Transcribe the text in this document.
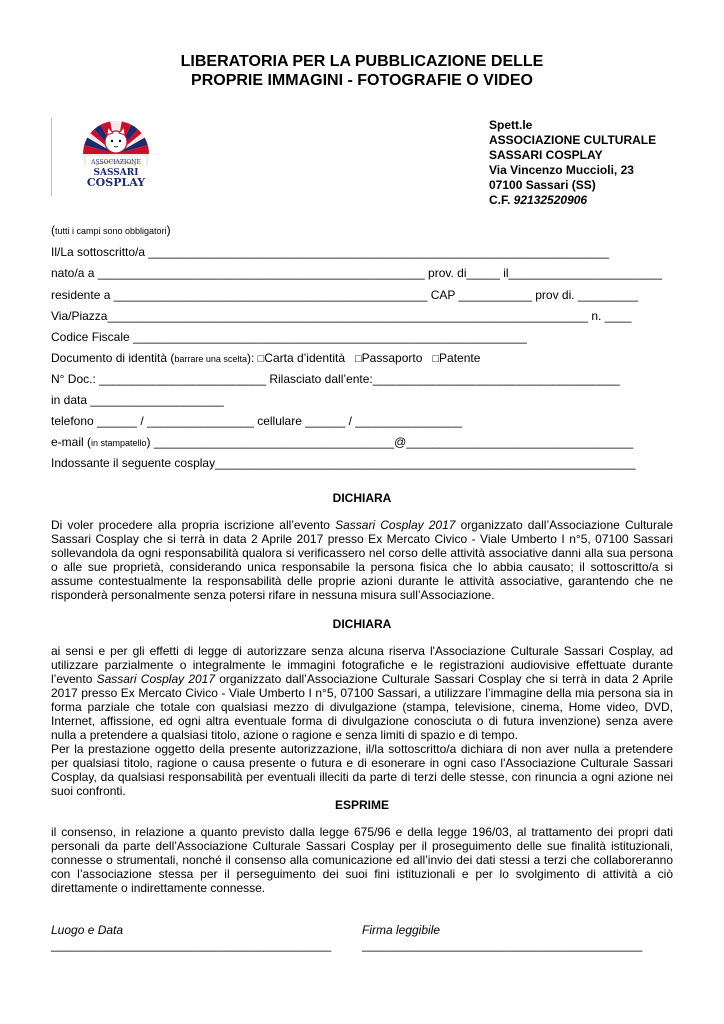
LIBERATORIA PER LA PUBBLICAZIONE DELLE
PROPRIE IMMAGINI - FOTOGRAFIE O VIDEO
ASSOCIAZIONE
SASSARI
COSPLAY
Spett.le
ASSOCIAZIONE CULTURALE
SASSARI COSPLAY
Via Vincenzo Muccioli, 23
07100 Sassari (SS)
C.F. 92132520906
(tutti i campi sono obbligatori)
Il/La sottoscritto/a _____________________________________________________________________
nato/a a _________________________________________________ prov. di_____ il_______________________
residente a _______________________________________________ CAP ___________ prov di. _________
Via/Piazza________________________________________________________________________ n. ____
Codice Fiscale ___________________________________________________________
Documento di identità (barrare una scelta): □Carta d’identità □Passaporto □Patente
N° Doc.: _________________________ Rilasciato dall’ente:_____________________________________
in data ____________________
telefono ______ / ________________ cellulare ______ / ________________
e-mail (in stampatello) ____________________________________@__________________________________
Indossante il seguente cosplay_______________________________________________________________
DICHIARA
Di voler procedere alla propria iscrizione all’evento Sassari Cosplay 2017 organizzato dall’Associazione Culturale Sassari Cosplay che si terrà in data 2 Aprile 2017 presso Ex Mercato Civico - Viale Umberto I n°5, 07100 Sassari sollevandola da ogni responsabilità qualora si verificassero nel corso delle attività associative danni alla sua persona o alle sue proprietà, considerando unica responsabile la persona fisica che lo abbia causato; il sottoscritto/a si assume contestualmente la responsabilità delle proprie azioni durante le attività associative, garantendo che ne risponderà personalmente senza potersi rifare in nessuna misura sull’Associazione.
DICHIARA
ai sensi e per gli effetti di legge di autorizzare senza alcuna riserva l'Associazione Culturale Sassari Cosplay, ad utilizzare parzialmente o integralmente le immagini fotografiche e le registrazioni audiovisive effettuate durante l’evento Sassari Cosplay 2017 organizzato dall’Associazione Culturale Sassari Cosplay che si terrà in data 2 Aprile 2017 presso Ex Mercato Civico - Viale Umberto I n°5, 07100 Sassari, a utilizzare l’immagine della mia persona sia in forma parziale che totale con qualsiasi mezzo di divulgazione (stampa, televisione, cinema, Home video, DVD, Internet, affissione, ed ogni altra eventuale forma di divulgazione conosciuta o di futura invenzione) senza avere nulla a pretendere a qualsiasi titolo, azione o ragione e senza limiti di spazio e di tempo.
Per la prestazione oggetto della presente autorizzazione, il/la sottoscritto/a dichiara di non aver nulla a pretendere per qualsiasi titolo, ragione o causa presente o futura e di esonerare in ogni caso l'Associazione Culturale Sassari Cosplay, da qualsiasi responsabilità per eventuali illeciti da parte di terzi delle stesse, con rinuncia a ogni azione nei suoi confronti.
ESPRIME
il consenso, in relazione a quanto previsto dalla legge 675/96 e della legge 196/03, al trattamento dei propri dati personali da parte dell’Associazione Culturale Sassari Cosplay per il proseguimento delle sue finalità istituzionali, connesse o strumentali, nonché il consenso alla comunicazione ed all’invio dei dati stessi a terzi che collaboreranno con l’associazione stessa per il perseguimento dei suoi fini istituzionali e per lo svolgimento di attività a ciò direttamente o indirettamente connesse.
Luogo e Data	Firma leggibile
__________________________________________	__________________________________________
